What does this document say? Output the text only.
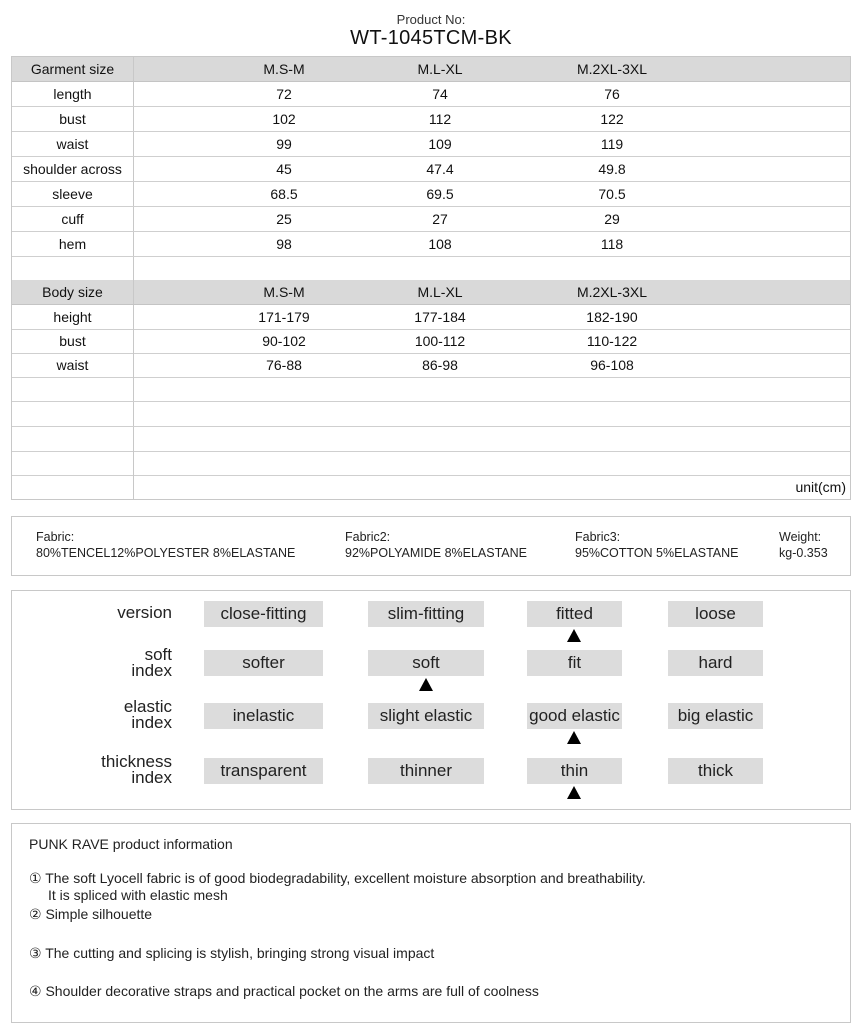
Product No:
WT-1045TCM-BK
Garment size	M.S-M	M.L-XL	M.2XL-3XL
length	72	74	76
bust	102	112	122
waist	99	109	119
shoulder across	45	47.4	49.8
sleeve	68.5	69.5	70.5
cuff	25	27	29
hem	98	108	118
Body size	M.S-M	M.L-XL	M.2XL-3XL
height	171-179	177-184	182-190
bust	90-102	100-112	110-122
waist	76-88	86-98	96-108
unit(cm)
Fabric:
80%TENCEL12%POLYESTER 8%ELASTANE
Fabric2:
92%POLYAMIDE 8%ELASTANE
Fabric3:
95%COTTON 5%ELASTANE
Weight:
kg-0.353
version	close-fitting	slim-fitting	fitted	loose
soft
index	softer	soft	fit	hard
elastic
index	inelastic	slight elastic	good elastic	big elastic
thickness
index	transparent	thinner	thin	thick
PUNK RAVE product information
① The soft Lyocell fabric is of good biodegradability, excellent moisture absorption and breathability.
It is spliced with elastic mesh
② Simple silhouette
③ The cutting and splicing is stylish, bringing strong visual impact
④ Shoulder decorative straps and practical pocket on the arms are full of coolness
